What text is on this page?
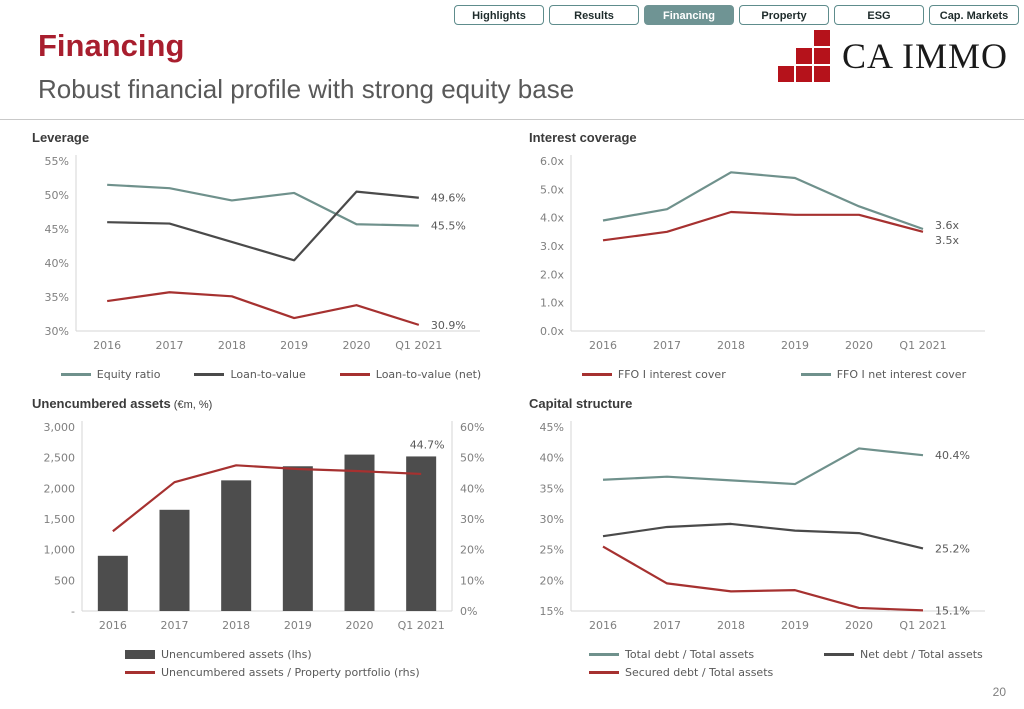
Highlights	Results	Financing	Property	ESG	Cap. Markets
Financing
Robust financial profile with strong equity base
CA IMMO
Leverage
55%
50%
45%
40%
35%
30%
2016	2017	2018	2019	2020 Q1 2021
45.5%
49.6%
30.9%
Equity ratio	Loan-to-value	Loan-to-value (net)
Interest coverage
6.0x
5.0x
4.0x
3.0x
2.0x
1.0x
0.0x
2016	2017	2018	2019	2020 Q1 2021
3.5x
3.6x
FFO I interest cover	FFO I net interest cover
Unencumbered assets (€m, %)
3,000
2,500
2,000
1,500
1,000
500
-
60%
50%
40%
30%
20%
10%
0%
2016	2017	2018	2019	2020 Q1 2021
44.7%
Unencumbered assets (lhs)
Unencumbered assets / Property portfolio (rhs)
Capital structure
45%
40%
35%
30%
25%
20%
15%
2016	2017	2018	2019	2020 Q1 2021
40.4%
25.2%
15.1%
Total debt / Total assets	Net debt / Total assets
Secured debt / Total assets
20
